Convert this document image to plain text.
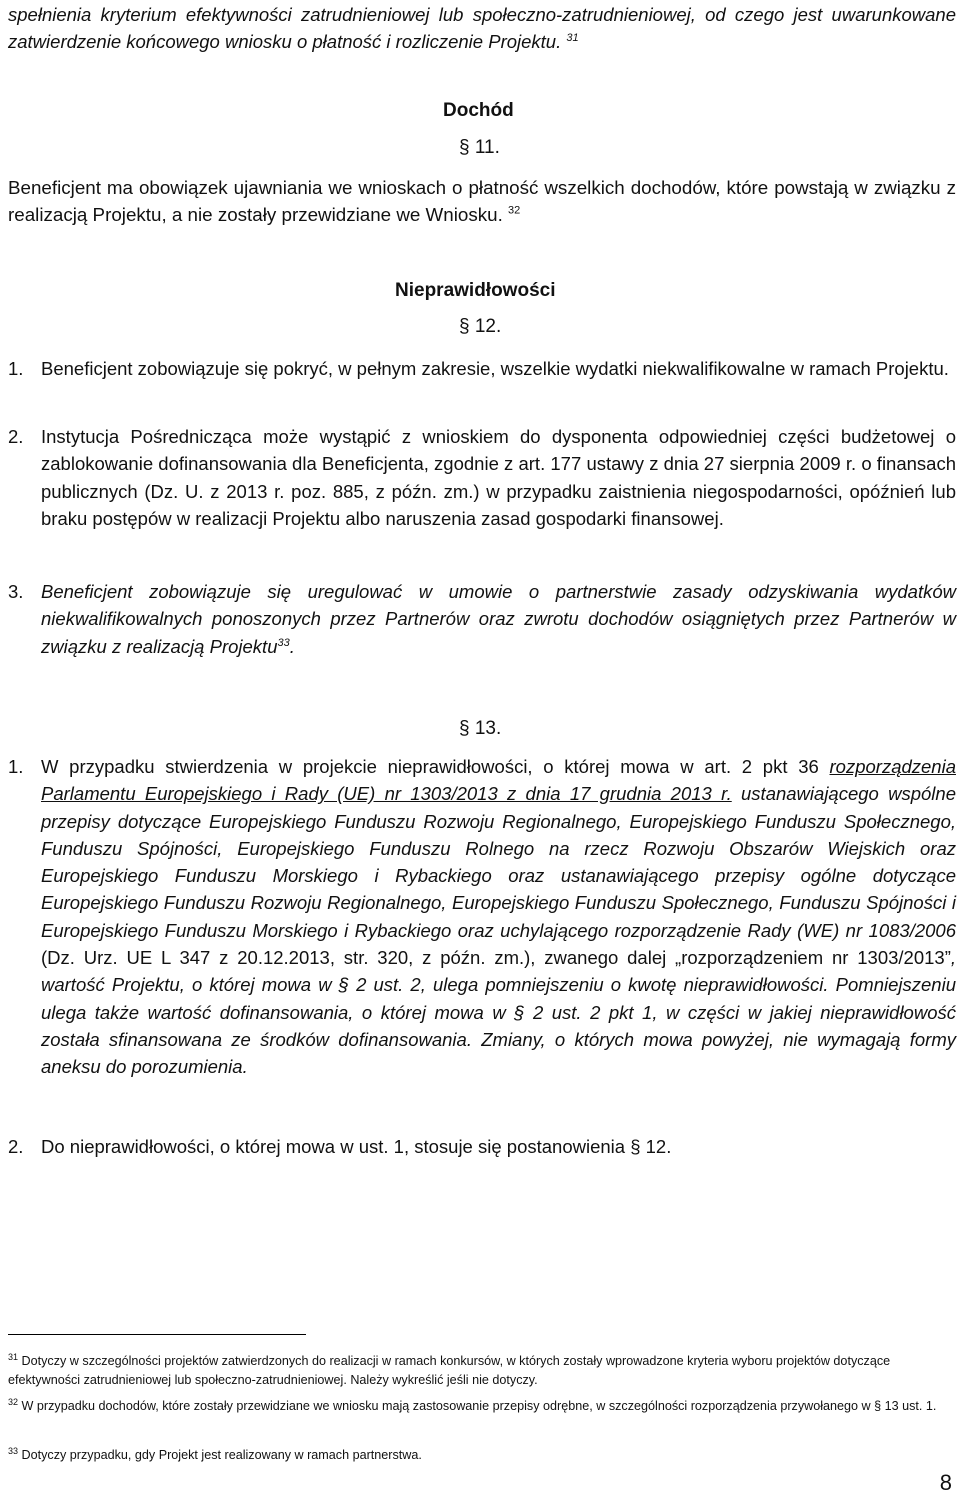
spełnienia kryterium efektywności zatrudnieniowej lub społeczno-zatrudnieniowej, od czego jest uwarunkowane zatwierdzenie końcowego wniosku o płatność i rozliczenie Projektu. $^{31}$
Dochód
§ 11.
Beneficjent ma obowiązek ujawniania we wnioskach o płatność wszelkich dochodów, które powstają w związku z realizacją Projektu, a nie zostały przewidziane we Wniosku. $^{32}$
Nieprawidłowości
§ 12.
1. Beneficjent zobowiązuje się pokryć, w pełnym zakresie, wszelkie wydatki niekwalifikowalne w ramach Projektu.
2. Instytucja Pośrednicząca może wystąpić z wnioskiem do dysponenta odpowiedniej części budżetowej o zablokowanie dofinansowania dla Beneficjenta, zgodnie z art. 177 ustawy z dnia 27 sierpnia 2009 r. o finansach publicznych (Dz. U. z 2013 r. poz. 885, z późn. zm.) w przypadku zaistnienia niegospodarności, opóźnień lub braku postępów w realizacji Projektu albo naruszenia zasad gospodarki finansowej.
3. Beneficjent zobowiązuje się uregulować w umowie o partnerstwie zasady odzyskiwania wydatków niekwalifikowalnych ponoszonych przez Partnerów oraz zwrotu dochodów osiągniętych przez Partnerów w związku z realizacją Projektu$^{33}$.
§ 13.
1. W przypadku stwierdzenia w projekcie nieprawidłowości, o której mowa w art. 2 pkt 36 rozporządzenia Parlamentu Europejskiego i Rady (UE) nr 1303/2013 z dnia 17 grudnia 2013 r. ustanawiającego wspólne przepisy dotyczące Europejskiego Funduszu Rozwoju Regionalnego, Europejskiego Funduszu Społecznego, Funduszu Spójności, Europejskiego Funduszu Rolnego na rzecz Rozwoju Obszarów Wiejskich oraz Europejskiego Funduszu Morskiego i Rybackiego oraz ustanawiającego przepisy ogólne dotyczące Europejskiego Funduszu Rozwoju Regionalnego, Europejskiego Funduszu Społecznego, Funduszu Spójności i Europejskiego Funduszu Morskiego i Rybackiego oraz uchylającego rozporządzenie Rady (WE) nr 1083/2006 (Dz. Urz. UE L 347 z 20.12.2013, str. 320, z późn. zm.), zwanego dalej „rozporządzeniem nr 1303/2013”, wartość Projektu, o której mowa w § 2 ust. 2, ulega pomniejszeniu o kwotę nieprawidłowości. Pomniejszeniu ulega także wartość dofinansowania, o której mowa w § 2 ust. 2 pkt 1, w części w jakiej nieprawidłowość została sfinansowana ze środków dofinansowania. Zmiany, o których mowa powyżej, nie wymagają formy aneksu do porozumienia.
2. Do nieprawidłowości, o której mowa w ust. 1, stosuje się postanowienia § 12.
$^{31}$ Dotyczy w szczególności projektów zatwierdzonych do realizacji w ramach konkursów, w których zostały wprowadzone kryteria wyboru projektów dotyczące efektywności zatrudnieniowej lub społeczno-zatrudnieniowej. Należy wykreślić jeśli nie dotyczy.
$^{32}$ W przypadku dochodów, które zostały przewidziane we wniosku mają zastosowanie przepisy odrębne, w szczególności rozporządzenia przywołanego w § 13 ust. 1.
$^{33}$ Dotyczy przypadku, gdy Projekt jest realizowany w ramach partnerstwa.
8
